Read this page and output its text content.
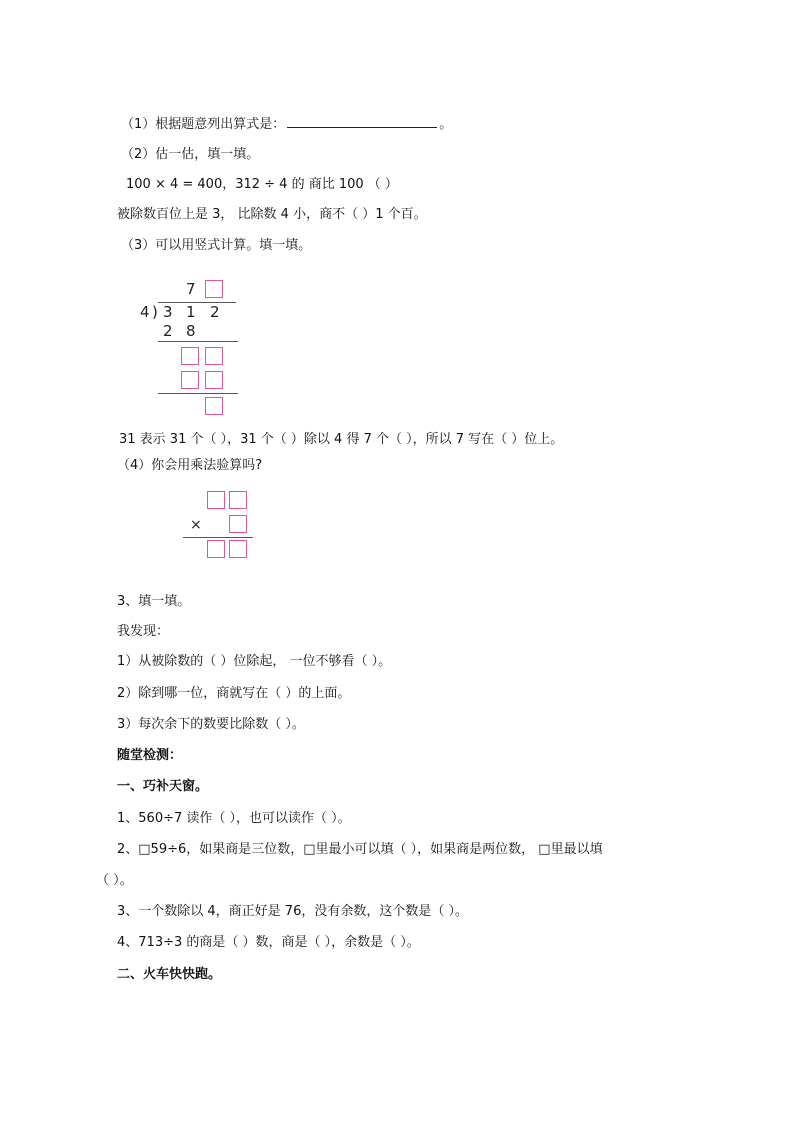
（1）根据题意列出算式是：	。
（2）估一估，填一填。
100 × 4 = 400，312 ÷ 4 的 商比 100 （ ）
被除数百位上是 3， 比除数 4 小，商不（ ）1 个百。
（3）可以用竖式计算。填一填。
7
4 ) 3 1 2
2 8
31 表示 31 个（ ），31 个（ ）除以 4 得 7 个（ ），所以 7 写在（ ）位上。
（4）你会用乘法验算吗?
×
3、填一填。
我发现：
1）从被除数的（ ）位除起， 一位不够看（ ）。
2）除到哪一位，商就写在（ ）的上面。
3）每次余下的数要比除数（ ）。
随堂检测：
一、巧补天窗。
1、560÷7 读作（ ），也可以读作（ ）。
2、□59÷6，如果商是三位数，□里最小可以填（ ），如果商是两位数， □里最以填
（ ）。
3、一个数除以 4，商正好是 76，没有余数，这个数是（ ）。
4、713÷3 的商是（ ）数，商是（ ），余数是（ ）。
二、火车快快跑。
